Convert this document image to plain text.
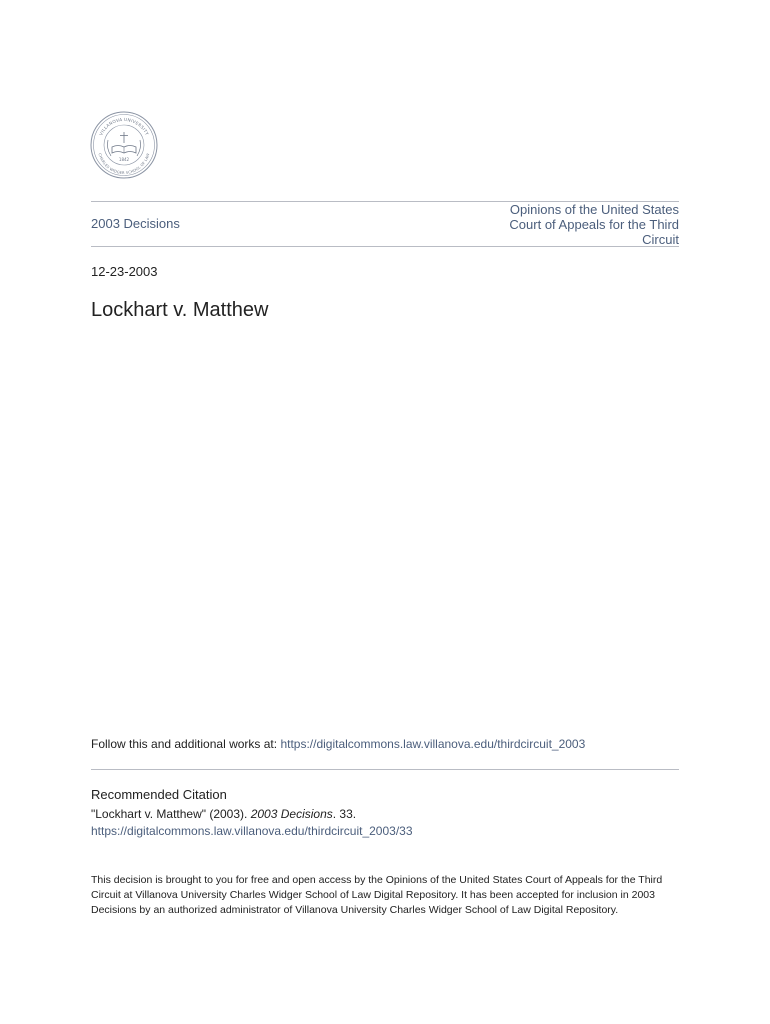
VILLANOVA UNIVERSITY
CHARLES WIDGER SCHOOL OF LAW
1842
2003 Decisions
Opinions of the United States Court of Appeals for the Third Circuit
12-23-2003
Lockhart v. Matthew
Follow this and additional works at: https://digitalcommons.law.villanova.edu/thirdcircuit_2003
Recommended Citation
"Lockhart v. Matthew" (2003). 2003 Decisions. 33.
https://digitalcommons.law.villanova.edu/thirdcircuit_2003/33
This decision is brought to you for free and open access by the Opinions of the United States Court of Appeals for the Third Circuit at Villanova University Charles Widger School of Law Digital Repository. It has been accepted for inclusion in 2003 Decisions by an authorized administrator of Villanova University Charles Widger School of Law Digital Repository.
